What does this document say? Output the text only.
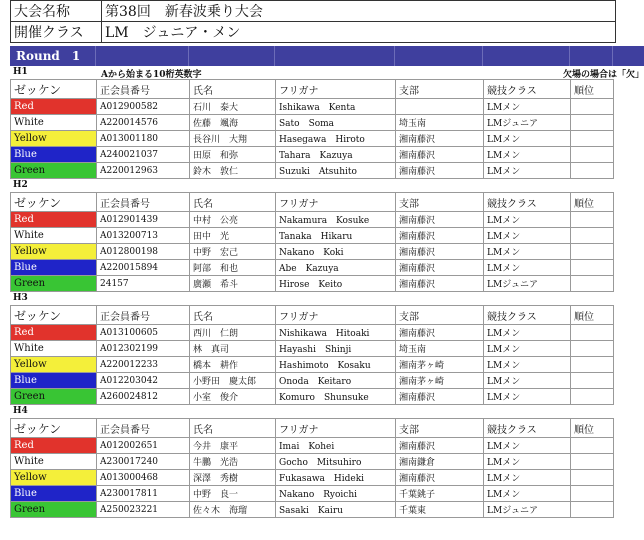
大会名称	第38回　新春波乗り大会
開催クラス	LM　ジュニア・メン
Round　1
H1	Aから始まる10桁英数字	欠場の場合は「欠」
ゼッケン	正会員番号	氏名	フリガナ	支部	競技クラス	順位
Red	A012900582	石川　泰大	Ishikawa　Kenta		LMメン	
White	A220014576	佐藤　颯海	Sato　Soma	埼玉南	LMジュニア	
Yellow	A013001180	長谷川　大翔	Hasegawa　Hiroto	湘南藤沢	LMメン	
Blue	A240021037	田原　和弥	Tahara　Kazuya	湘南藤沢	LMメン	
Green	A220012963	鈴木　敦仁	Suzuki　Atsuhito	湘南藤沢	LMメン	
H2
ゼッケン	正会員番号	氏名	フリガナ	支部	競技クラス	順位
Red	A012901439	中村　公亮	Nakamura　Kosuke	湘南藤沢	LMメン	
White	A013200713	田中　光	Tanaka　Hikaru	湘南藤沢	LMメン	
Yellow	A012800198	中野　宏己	Nakano　Koki	湘南藤沢	LMメン	
Blue	A220015894	阿部　和也	Abe　Kazuya	湘南藤沢	LMメン	
Green	24157	廣瀬　希斗	Hirose　Keito	湘南藤沢	LMジュニア	
H3
ゼッケン	正会員番号	氏名	フリガナ	支部	競技クラス	順位
Red	A013100605	西川　仁朗	Nishikawa　Hitoaki	湘南藤沢	LMメン	
White	A012302199	林　真司	Hayashi　Shinji	埼玉南	LMメン	
Yellow	A220012233	橋本　耕作	Hashimoto　Kosaku	湘南茅ヶ崎	LMメン	
Blue	A012203042	小野田　慶太郎	Onoda　Keitaro	湘南茅ヶ崎	LMメン	
Green	A260024812	小室　俊介	Komuro　Shunsuke	湘南藤沢	LMメン	
H4
ゼッケン	正会員番号	氏名	フリガナ	支部	競技クラス	順位
Red	A012002651	今井　康平	Imai　Kohei	湘南藤沢	LMメン	
White	A230017240	牛鵬　光浩	Gocho　Mitsuhiro	湘南鎌倉	LMメン	
Yellow	A013000468	深澤　秀樹	Fukasawa　Hideki	湘南藤沢	LMメン	
Blue	A230017811	中野　良一	Nakano　Ryoichi	千葉銚子	LMメン	
Green	A250023221	佐々木　海瑠	Sasaki　Kairu	千葉東	LMジュニア	
